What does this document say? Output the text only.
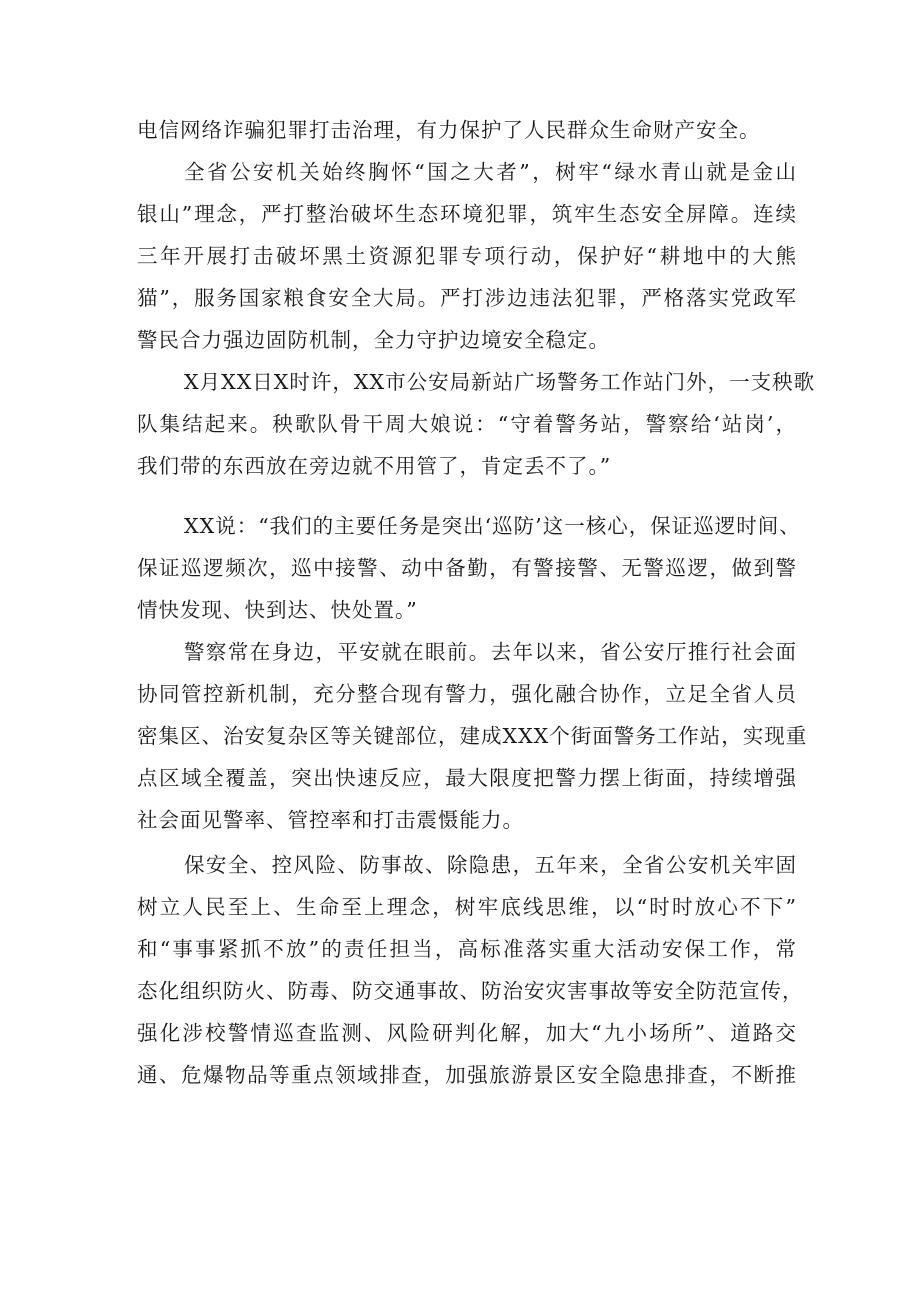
电信网络诈骗犯罪打击治理，有力保护了人民群众生命财产安全。
全省公安机关始终胸怀“国之大者”，树牢“绿水青山就是金山
银山”理念，严打整治破坏生态环境犯罪，筑牢生态安全屏障。连续
三年开展打击破坏黑土资源犯罪专项行动，保护好“耕地中的大熊
猫”，服务国家粮食安全大局。严打涉边违法犯罪，严格落实党政军
警民合力强边固防机制，全力守护边境安全稳定。
X月XX日X时许，XX市公安局新站广场警务工作站门外，一支秧歌
队集结起来。秧歌队骨干周大娘说：“守着警务站，警察给‘站岗’，
我们带的东西放在旁边就不用管了，肯定丢不了。”
XX说：“我们的主要任务是突出‘巡防’这一核心，保证巡逻时间、
保证巡逻频次，巡中接警、动中备勤，有警接警、无警巡逻，做到警
情快发现、快到达、快处置。”
警察常在身边，平安就在眼前。去年以来，省公安厅推行社会面
协同管控新机制，充分整合现有警力，强化融合协作，立足全省人员
密集区、治安复杂区等关键部位，建成XXX个街面警务工作站，实现重
点区域全覆盖，突出快速反应，最大限度把警力摆上街面，持续增强
社会面见警率、管控率和打击震慑能力。
保安全、控风险、防事故、除隐患，五年来，全省公安机关牢固
树立人民至上、生命至上理念，树牢底线思维，以“时时放心不下”
和“事事紧抓不放”的责任担当，高标准落实重大活动安保工作，常
态化组织防火、防毒、防交通事故、防治安灾害事故等安全防范宣传，
强化涉校警情巡查监测、风险研判化解，加大“九小场所”、道路交
通、危爆物品等重点领域排查，加强旅游景区安全隐患排查，不断推
